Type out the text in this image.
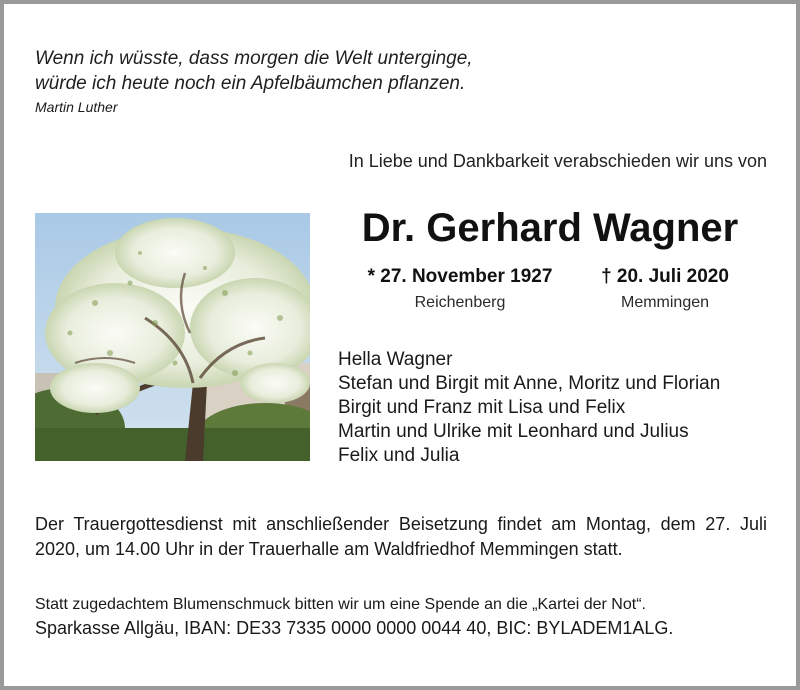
Wenn ich wüsste, dass morgen die Welt unterginge,
würde ich heute noch ein Apfelbäumchen pflanzen.
Martin Luther
In Liebe und Dankbarkeit verabschieden wir uns von
Dr. Gerhard Wagner
* 27. November 1927
Reichenberg
† 20. Juli 2020
Memmingen
Hella Wagner
Stefan und Birgit mit Anne, Moritz und Florian
Birgit und Franz mit Lisa und Felix
Martin und Ulrike mit Leonhard und Julius
Felix und Julia
Der Trauergottesdienst mit anschließender Beisetzung findet am Montag, dem 27. Juli 2020, um 14.00 Uhr in der Trauerhalle am Waldfriedhof Memmingen statt.
Statt zugedachtem Blumenschmuck bitten wir um eine Spende an die „Kartei der Not“.
Sparkasse Allgäu, IBAN: DE33 7335 0000 0000 0044 40, BIC: BYLADEM1ALG.
